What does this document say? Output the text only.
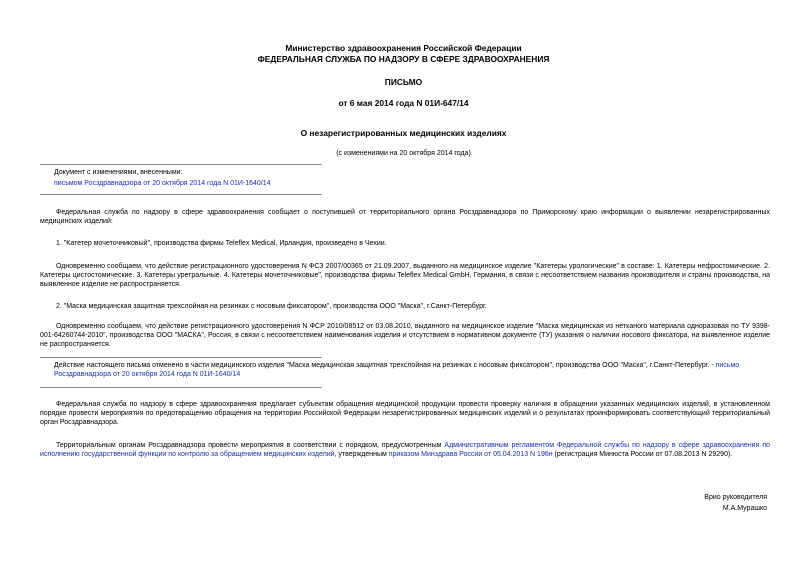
Министерство здравоохранения Российской Федерации
ФЕДЕРАЛЬНАЯ СЛУЖБА ПО НАДЗОРУ В СФЕРЕ ЗДРАВООХРАНЕНИЯ
ПИСЬМО
от 6 мая 2014 года N 01И-647/14
О незарегистрированных медицинских изделиях
(с изменениями на 20 октября 2014 года)
Документ с изменениями, внесенными:
письмом Росздравнадзора от 20 октября 2014 года N 01И-1640/14
Федеральная служба по надзору в сфере здравоохранения сообщает о поступившей от территориального органа Росздравнадзора по Приморскому краю информации о выявлении незарегистрированных медицинских изделий:
1. "Катетер мочеточниковый", производства фирмы Teleflex Medical, Ирландия, произведено в Чехии.
Одновременно сообщаем, что действие регистрационного удостоверения N ФСЗ 2007/00365 от 21.09.2007, выданного на медицинское изделие "Катетеры урологические" в составе: 1. Катетеры нефростомические. 2. Катетеры цистостомические. 3. Катетеры уретральные. 4. Катетеры мочеточниковые", производства фирмы Teleflex Medical GmbH, Германия, в связи с несоответствием названия производителя и страны производства, на выявленное изделие не распространяется.
2. "Маска медицинская защитная трехслойная на резинках с носовым фиксатором", производства ООО "Маска", г.Санкт-Петербург.
Одновременно сообщаем, что действие регистрационного удостоверения N ФСР 2010/08512 от 03.08.2010, выданного на медицинское изделие "Маска медицинская из нетканого материала одноразовая по ТУ 9398-001-64260744-2010", производства ООО "МАСКА", Россия, в связи с несоответствием наименования изделия и отсутствием в нормативном документе (ТУ) указания о наличии носового фиксатора, на выявленное изделие не распространяется.
Действие настоящего письма отменено в части медицинского изделия "Маска медицинская защитная трехслойная на резинках с носовым фиксатором", производства ООО "Маска", г.Санкт-Петербург. - письмо Росздравнадзора от 20 октября 2014 года N 01И-1640/14
Федеральная служба по надзору в сфере здравоохранения предлагает субъектам обращения медицинской продукции провести проверку наличия в обращении указанных медицинских изделий, в установленном порядке провести мероприятия по предотвращению обращения на территории Российской Федерации незарегистрированных медицинских изделий и о результатах проинформировать соответствующий территориальный орган Росздравнадзора.
Территориальным органам Росздравнадзора провести мероприятия в соответствии с порядком, предусмотренным Административным регламентом Федеральной службы по надзору в сфере здравоохранения по исполнению государственной функции по контролю за обращением медицинских изделий, утвержденным приказом Минздрава России от 05.04.2013 N 196н (регистрация Минюста России от 07.08.2013 N 29290).
Врио руководителя
М.А.Мурашко
